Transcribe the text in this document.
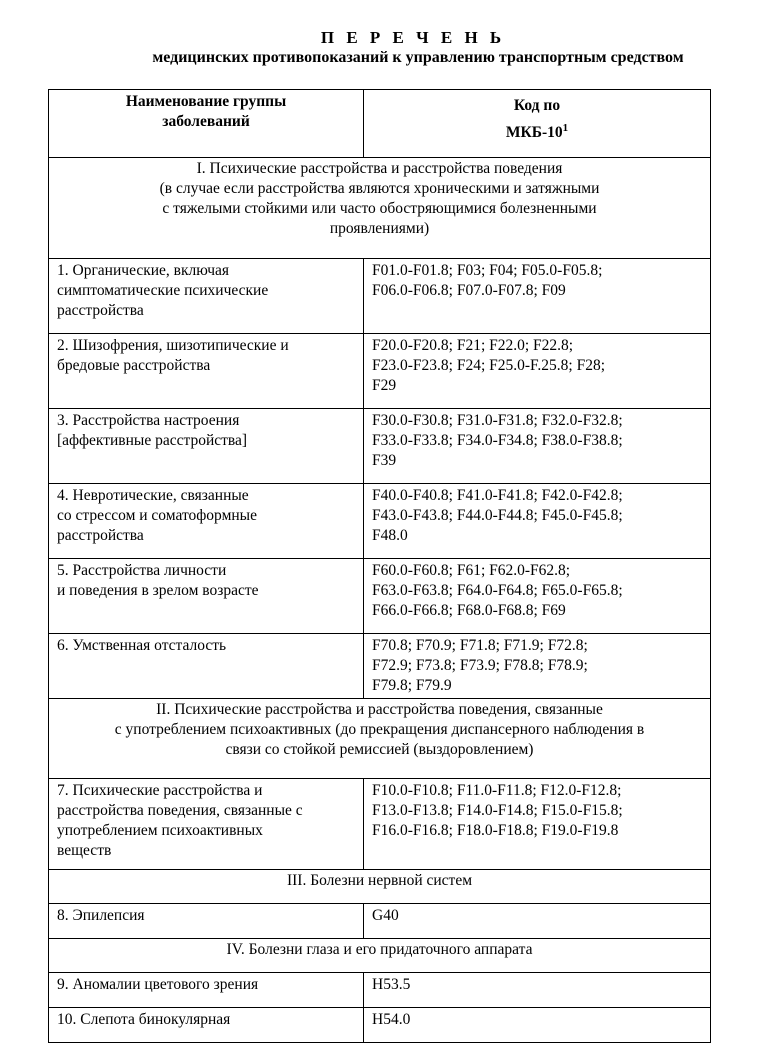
П Е Р Е Ч Е Н Ь
медицинских противопоказаний к управлению транспортным средством
Наименование группы
заболеваний	Код по
МКБ-$10^1$

I. Психические расстройства и расстройства поведения
(в случае если расстройства являются хроническими и затяжными
с тяжелыми стойкими или часто обостряющимися болезненными
проявлениями)	

1. Органические, включая
симптоматические психические
расстройства	F01.0-F01.8; F03; F04; F05.0-F05.8;
F06.0-F06.8; F07.0-F07.8; F09

2. Шизофрения, шизотипические и
бредовые расстройства	F20.0-F20.8; F21; F22.0; F22.8;
F23.0-F23.8; F24; F25.0-F.25.8; F28;
F29

3. Расстройства настроения
[аффективные расстройства]	F30.0-F30.8; F31.0-F31.8; F32.0-F32.8;
F33.0-F33.8; F34.0-F34.8; F38.0-F38.8;
F39

4. Невротические, связанные
со стрессом и соматоформные
расстройства	F40.0-F40.8; F41.0-F41.8; F42.0-F42.8;
F43.0-F43.8; F44.0-F44.8; F45.0-F45.8;
F48.0

5. Расстройства личности
и поведения в зрелом возрасте	F60.0-F60.8; F61; F62.0-F62.8;
F63.0-F63.8; F64.0-F64.8; F65.0-F65.8;
F66.0-F66.8; F68.0-F68.8; F69

6. Умственная отсталость	F70.8; F70.9; F71.8; F71.9; F72.8;
F72.9; F73.8; F73.9; F78.8; F78.9;
F79.8; F79.9

II. Психические расстройства и расстройства поведения, связанные
с употреблением психоактивных (до прекращения диспансерного наблюдения в
связи со стойкой ремиссией (выздоровлением)	

7. Психические расстройства и
расстройства поведения, связанные с
употреблением психоактивных
веществ	F10.0-F10.8; F11.0-F11.8; F12.0-F12.8;
F13.0-F13.8; F14.0-F14.8; F15.0-F15.8;
F16.0-F16.8; F18.0-F18.8; F19.0-F19.8

III. Болезни нервной систем	

8. Эпилепсия	G40

IV. Болезни глаза и его придаточного аппарата	

9. Аномалии цветового зрения	H53.5

10. Слепота бинокулярная	H54.0
